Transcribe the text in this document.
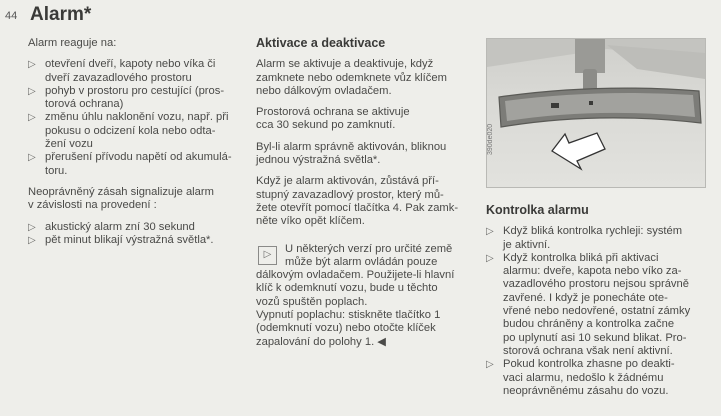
44 Alarm*

Alarm reaguje na:

▷ otevření dveří, kapoty nebo víka či
dveří zavazadlového prostoru
▷ pohyb v prostoru pro cestující (pros-
torová ochrana)
▷ změnu úhlu naklonění vozu, např. při
pokusu o odcizení kola nebo odta-
žení vozu
▷ přerušení přívodu napětí od akumulá-
toru.

Neoprávněný zásah signalizuje alarm
v závislosti na provedení :

▷ akustický alarm zní 30 sekund
▷ pět minut blikají výstražná světla*.
Aktivace a deaktivace

Alarm se aktivuje a deaktivuje, když
zamknete nebo odemknete vůz klíčem
nebo dálkovým ovladačem.

Prostorová ochrana se aktivuje
cca 30 sekund po zamknutí.

Byl-li alarm správně aktivován, bliknou
jednou výstražná světla*.

Když je alarm aktivován, zůstává pří-
stupný zavazadlový prostor, který mů-
žete otevřít pomocí tlačítka 4. Pak zamk-
něte víko opět klíčem.

▷

U některých verzí pro určité země
může být alarm ovládán pouze

dálkovým ovladačem. Použijete-li hlavní
klíč k odemknutí vozu, bude u těchto
vozů spuštěn poplach.
Vypnutí poplachu: stiskněte tlačítko 1
(odemknutí vozu) nebo otočte klíček
zapalování do polohy 1. ◀

390de020
Kontrolka alarmu
▷ Když bliká kontrolka rychleji: systém
je aktivní.
▷ Když kontrolka bliká při aktivaci
alarmu: dveře, kapota nebo víko za-
vazadlového prostoru nejsou správně
zavřené. I když je ponecháte ote-
vřené nebo nedovřené, ostatní zámky
budou chráněny a kontrolka začne
po uplynutí asi 10 sekund blikat. Pro-
storová ochrana však není aktivní.
▷ Pokud kontrolka zhasne po deakti-
vaci alarmu, nedošlo k žádnému
neoprávněnému zásahu do vozu.
